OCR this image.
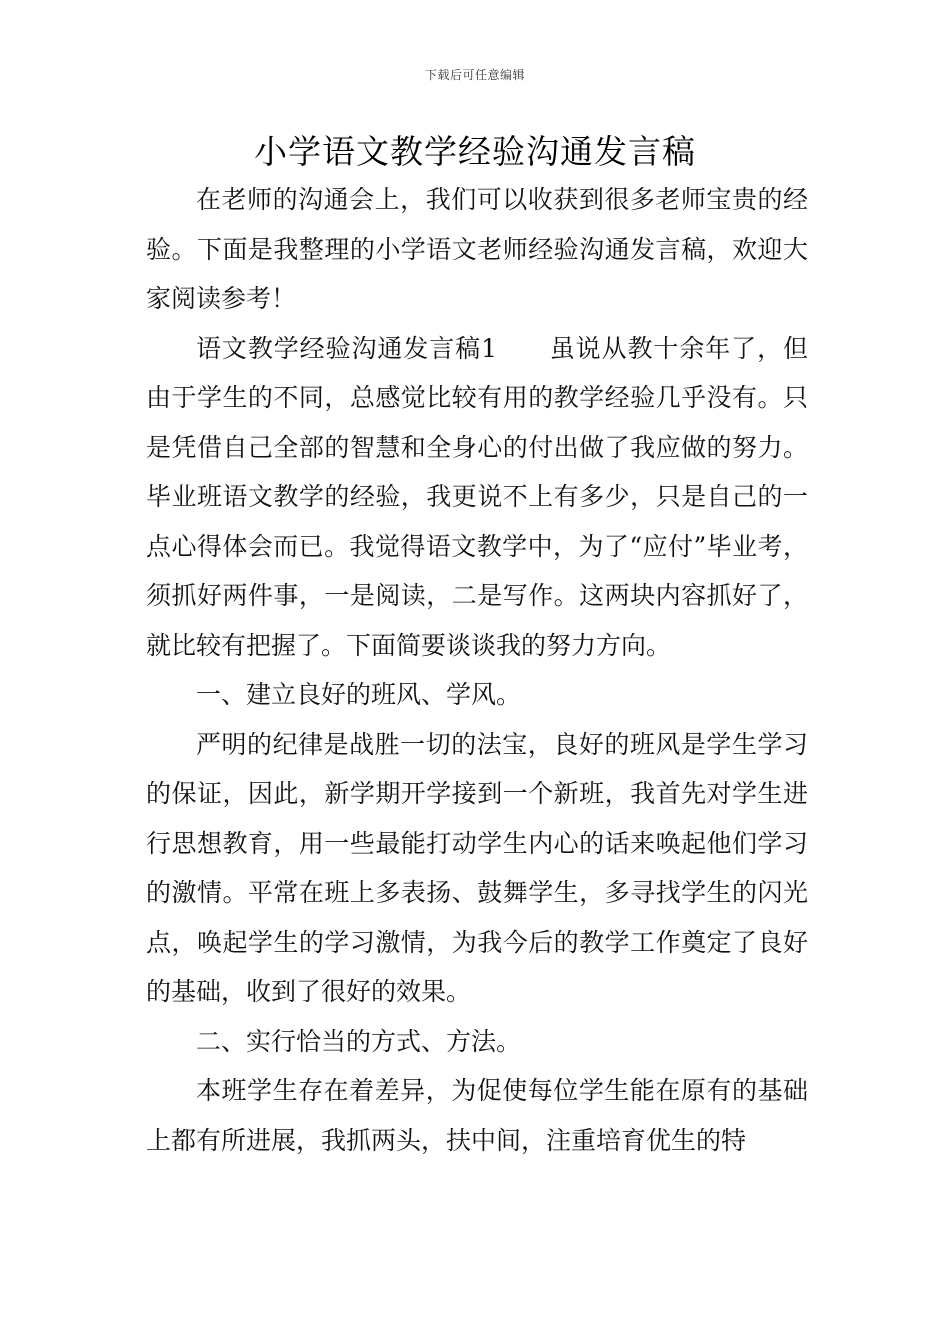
下载后可任意编辑
小学语文教学经验沟通发言稿

在老师的沟通会上，我们可以收获到很多老师宝贵的经验。下面是我整理的小学语文老师经验沟通发言稿，欢迎大家阅读参考！

语文教学经验沟通发言稿1　　虽说从教十余年了，但由于学生的不同，总感觉比较有用的教学经验几乎没有。只是凭借自己全部的智慧和全身心的付出做了我应做的努力。毕业班语文教学的经验，我更说不上有多少，只是自己的一点心得体会而已。我觉得语文教学中，为了“应付”毕业考，须抓好两件事，一是阅读，二是写作。这两块内容抓好了，就比较有把握了。下面简要谈谈我的努力方向。

一、建立良好的班风、学风。

严明的纪律是战胜一切的法宝，良好的班风是学生学习的保证，因此，新学期开学接到一个新班，我首先对学生进行思想教育，用一些最能打动学生内心的话来唤起他们学习的激情。平常在班上多表扬、鼓舞学生，多寻找学生的闪光点，唤起学生的学习激情，为我今后的教学工作奠定了良好的基础，收到了很好的效果。

二、实行恰当的方式、方法。

本班学生存在着差异，为促使每位学生能在原有的基础上都有所进展，我抓两头，扶中间，注重培育优生的特
